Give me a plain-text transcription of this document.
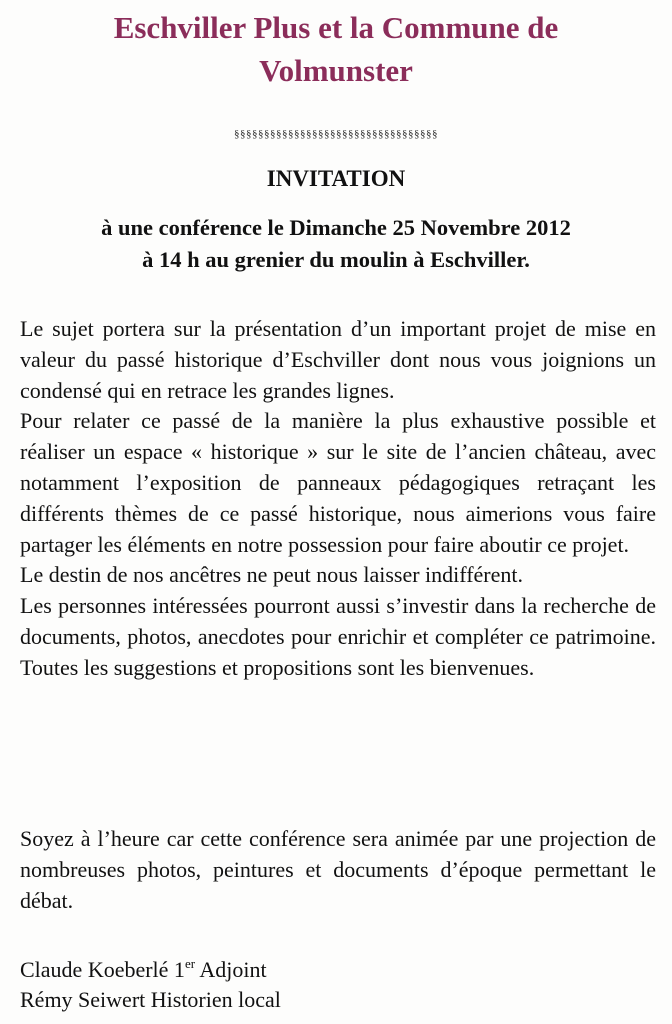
Eschviller Plus et la Commune de
Volmunster
§§§§§§§§§§§§§§§§§§§§§§§§§§§§§§§§§§
INVITATION
à une conférence le Dimanche 25 Novembre 2012
à 14 h au grenier du moulin à Eschviller.

Le sujet portera sur la présentation d’un important projet de mise en valeur du passé historique d’Eschviller dont nous vous joignions un condensé qui en retrace les grandes lignes.

Pour relater ce passé de la manière la plus exhaustive possible et réaliser un espace « historique » sur le site de l’ancien château, avec notamment l’exposition de panneaux pédagogiques retraçant les différents thèmes de ce passé historique, nous aimerions vous faire partager les éléments en notre possession pour faire aboutir ce projet.

Le destin de nos ancêtres ne peut nous laisser indifférent.

Les personnes intéressées pourront aussi s’investir dans la recherche de documents, photos, anecdotes pour enrichir et compléter ce patrimoine. Toutes les suggestions et propositions sont les bienvenues.

Soyez à l’heure car cette conférence sera animée par une projection de nombreuses photos, peintures et documents d’époque permettant le débat.

Claude Koeberlé 1er Adjoint
Rémy Seiwert Historien local
